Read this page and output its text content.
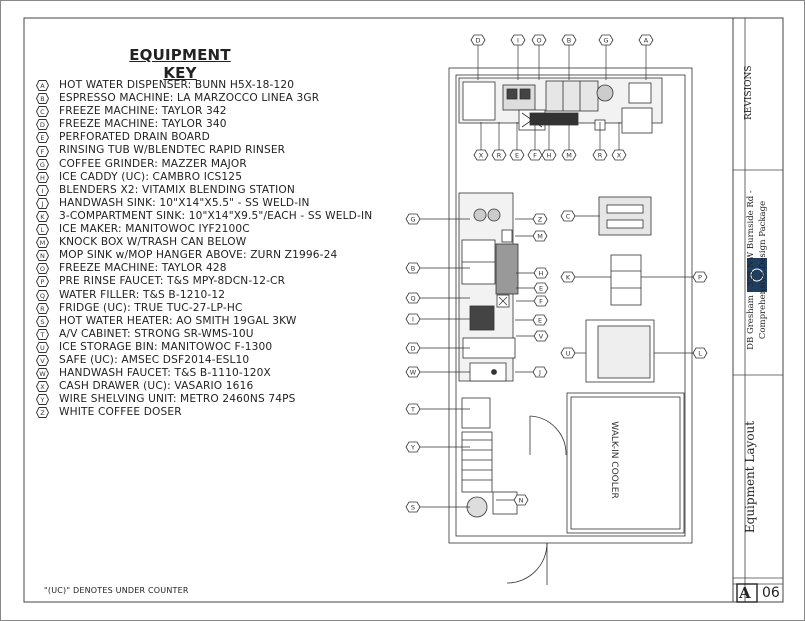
EQUIPMENT KEY
A HOT WATER DISPENSER: BUNN H5X-18-120
B ESPRESSO MACHINE: LA MARZOCCO LINEA 3GR
C FREEZE MACHINE: TAYLOR 342
D FREEZE MACHINE: TAYLOR 340
E PERFORATED DRAIN BOARD
F RINSING TUB W/BLENDTEC RAPID RINSER
G COFFEE GRINDER: MAZZER MAJOR
H ICE CADDY (UC): CAMBRO ICS125
I BLENDERS X2: VITAMIX BLENDING STATION
J HANDWASH SINK: 10"X14"X5.5" - SS WELD-IN
K 3-COMPARTMENT SINK: 10"X14"X9.5"/EACH - SS WELD-IN
L ICE MAKER: MANITOWOC IYF2100C
M KNOCK BOX W/TRASH CAN BELOW
N MOP SINK w/MOP HANGER ABOVE: ZURN Z1996-24
O FREEZE MACHINE: TAYLOR 428
P PRE RINSE FAUCET: T&S MPY-8DCN-12-CR
Q WATER FILLER: T&S B-1210-12
R FRIDGE (UC): TRUE TUC-27-LP-HC
S HOT WATER HEATER: AO SMITH 19GAL 3KW
T A/V CABINET: STRONG SR-WMS-10U
U ICE STORAGE BIN: MANITOWOC F-1300
V SAFE (UC): AMSEC DSF2014-ESL10
W HANDWASH FAUCET: T&S B-1110-120X
X CASH DRAWER (UC): VASARIO 1616
Y WIRE SHELVING UNIT: METRO 2460NS 74PS
Z WHITE COFFEE DOSER
"(UC)" DENOTES UNDER COUNTER
REVISIONS
DB Gresham - 328 NW Burnside Rd - Comprehensive Design Package
Equipment Layout
A 06
D	I	O	B	G	A
X R E F H M	R X
G
B
Q
I
D
W
T
Y
S
Z
M
H
E
F
E
V
J
N
C
K	P
U	L
WALK-IN COOLER
